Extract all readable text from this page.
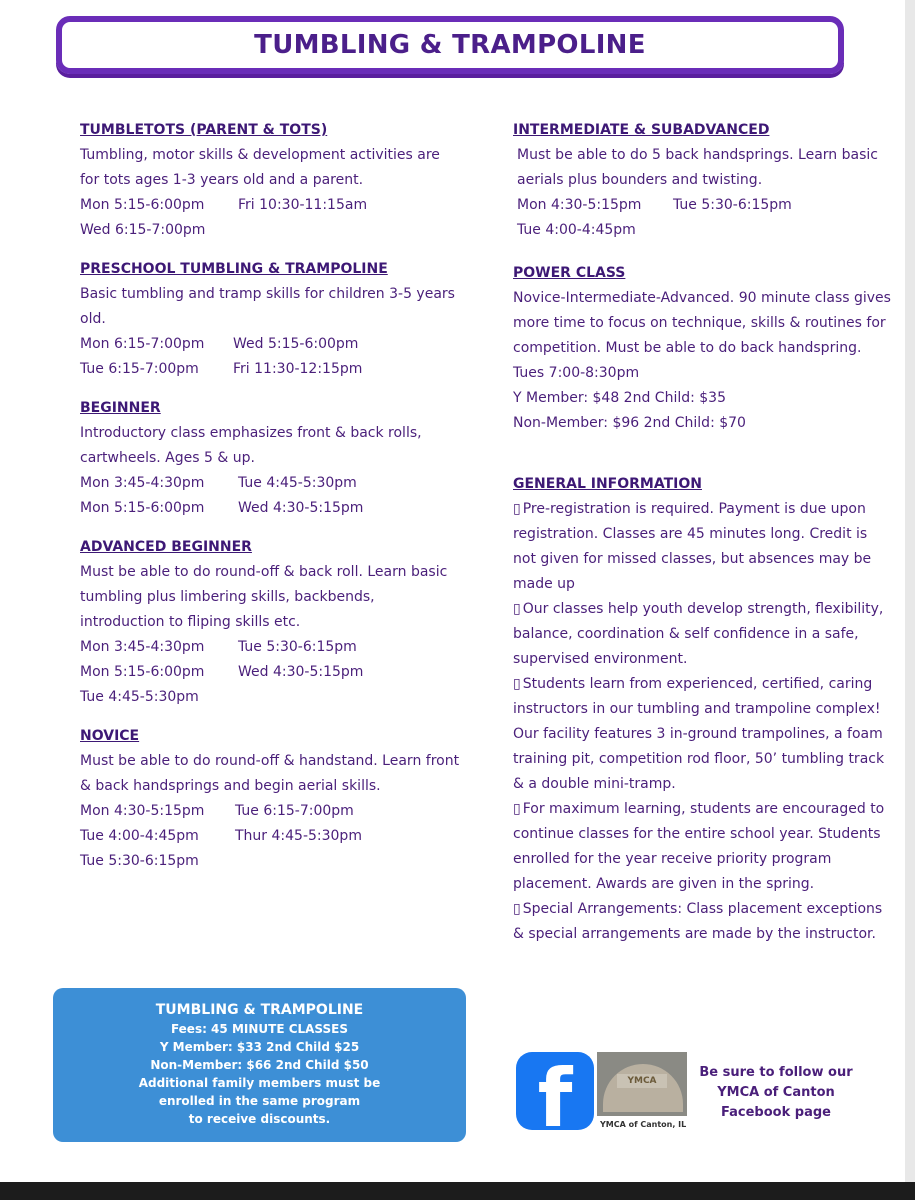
TUMBLING & TRAMPOLINE
TUMBLETOTS (PARENT & TOTS)

Tumbling, motor skills & development activities are for tots ages 1-3 years old and a parent.

Mon 5:15-6:00pm	Fri 10:30-11:15am
Wed 6:15-7:00pm
PRESCHOOL TUMBLING & TRAMPOLINE

Basic tumbling and tramp skills for children 3-5 years old.

Mon 6:15-7:00pm	Wed 5:15-6:00pm
Tue 6:15-7:00pm	Fri 11:30-12:15pm
BEGINNER

Introductory class emphasizes front & back rolls, cartwheels. Ages 5 & up.

Mon 3:45-4:30pm	Tue 4:45-5:30pm
Mon 5:15-6:00pm	Wed 4:30-5:15pm
ADVANCED BEGINNER

Must be able to do round-off & back roll. Learn basic tumbling plus limbering skills, backbends, introduction to fliping skills etc.

Mon 3:45-4:30pm	Tue 5:30-6:15pm
Mon 5:15-6:00pm	Wed 4:30-5:15pm
Tue 4:45-5:30pm
NOVICE

Must be able to do round-off & handstand. Learn front & back handsprings and begin aerial skills.

Mon 4:30-5:15pm	Tue 6:15-7:00pm
Tue 4:00-4:45pm	Thur 4:45-5:30pm
Tue 5:30-6:15pm
INTERMEDIATE & SUBADVANCED

Must be able to do 5 back handsprings. Learn basic aerials plus bounders and twisting.

Mon 4:30-5:15pm	Tue 5:30-6:15pm
Tue 4:00-4:45pm
POWER CLASS

Novice-Intermediate-Advanced. 90 minute class gives more time to focus on technique, skills & routines for competition. Must be able to do back handspring.

Tues 7:00-8:30pm
Y Member: $48 2nd Child: $35
Non-Member: $96 2nd Child: $70
GENERAL INFORMATION
▯ Pre-registration is required. Payment is due upon registration. Classes are 45 minutes long. Credit is not given for missed classes, but absences may be made up
▯ Our classes help youth develop strength, flexibility, balance, coordination & self confidence in a safe, supervised environment.
▯ Students learn from experienced, certified, caring instructors in our tumbling and trampoline complex! Our facility features 3 in-ground trampolines, a foam training pit, competition rod floor, 50’ tumbling track & a double mini-tramp.
▯ For maximum learning, students are encouraged to continue classes for the entire school year. Students enrolled for the year receive priority program placement. Awards are given in the spring.
▯ Special Arrangements: Class placement exceptions & special arrangements are made by the instructor.
TUMBLING & TRAMPOLINE
Fees: 45 MINUTE CLASSES
Y Member: $33 2nd Child $25
Non-Member: $66 2nd Child $50
Additional family members must be
enrolled in the same program
to receive discounts.	f	YMCA
YMCA of Canton, IL
Be sure to follow our
YMCA of Canton
Facebook page
